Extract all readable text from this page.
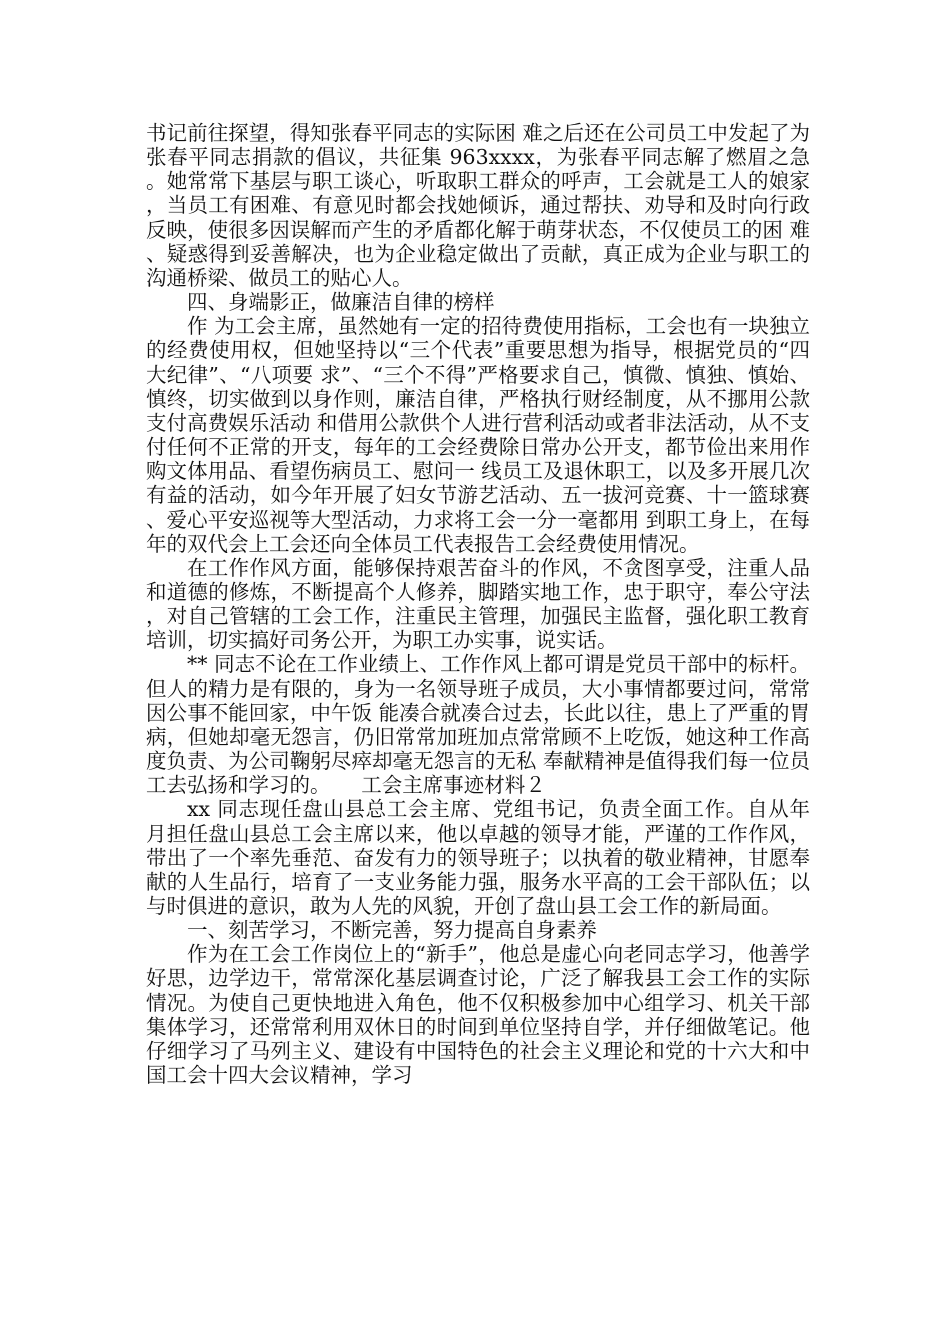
书记前往探望，得知张春平同志的实际困 难之后还在公司员工中发起了为张春平同志捐款的倡议，共征集 963xxxx，为张春平同志解了燃眉之急。她常常下基层与职工谈心，听取职工群众的呼声，工会就是工人的娘家，当员工有困难、有意见时都会找她倾诉，通过帮扶、劝导和及时向行政反映，使很多因误解而产生的矛盾都化解于萌芽状态，不仅使员工的困 难、疑惑得到妥善解决，也为企业稳定做出了贡献，真正成为企业与职工的沟通桥梁、做员工的贴心人。

四、身端影正，做廉洁自律的榜样

作 为工会主席，虽然她有一定的招待费使用指标，工会也有一块独立的经费使用权，但她坚持以“三个代表”重要思想为指导，根据党员的“四大纪律”、“八项要 求”、“三个不得”严格要求自己，慎微、慎独、慎始、慎终，切实做到以身作则，廉洁自律，严格执行财经制度，从不挪用公款支付高费娱乐活动 和借用公款供个人进行营利活动或者非法活动，从不支付任何不正常的开支，每年的工会经费除日常办公开支，都节俭出来用作购文体用品、看望伤病员工、慰问一 线员工及退休职工，以及多开展几次有益的活动，如今年开展了妇女节游艺活动、五一拔河竞赛、十一篮球赛、爱心平安巡视等大型活动，力求将工会一分一毫都用 到职工身上，在每年的双代会上工会还向全体员工代表报告工会经费使用情况。

在工作作风方面，能够保持艰苦奋斗的作风，不贪图享受，注重人品和道德的修炼，不断提高个人修养，脚踏实地工作，忠于职守，奉公守法，对自己管辖的工会工作，注重民主管理，加强民主监督，强化职工教育培训，切实搞好司务公开，为职工办实事，说实话。

** 同志不论在工作业绩上、工作作风上都可谓是党员干部中的标杆。但人的精力是有限的，身为一名领导班子成员，大小事情都要过问，常常因公事不能回家，中午饭 能凑合就凑合过去，长此以往，患上了严重的胃病，但她却毫无怨言，仍旧常常加班加点常常顾不上吃饭，她这种工作高度负责、为公司鞠躬尽瘁却毫无怨言的无私 奉献精神是值得我们每一位员工去弘扬和学习的。　　工会主席事迹材料２

xx 同志现任盘山县总工会主席、党组书记，负责全面工作。自从年月担任盘山县总工会主席以来，他以卓越的领导才能，严谨的工作作风，带出了一个率先垂范、奋发有力的领导班子；以执着的敬业精神，甘愿奉献的人生品行，培育了一支业务能力强，服务水平高的工会干部队伍；以与时俱进的意识，敢为人先的风貌，开创了盘山县工会工作的新局面。

一、刻苦学习，不断完善，努力提高自身素养

作为在工会工作岗位上的“新手”，他总是虚心向老同志学习，他善学好思，边学边干，常常深化基层调查讨论，广泛了解我县工会工作的实际情况。为使自己更快地进入角色，他不仅积极参加中心组学习、机关干部集体学习，还常常利用双休日的时间到单位坚持自学，并仔细做笔记。他仔细学习了马列主义、建设有中国特色的社会主义理论和党的十六大和中国工会十四大会议精神，学习
